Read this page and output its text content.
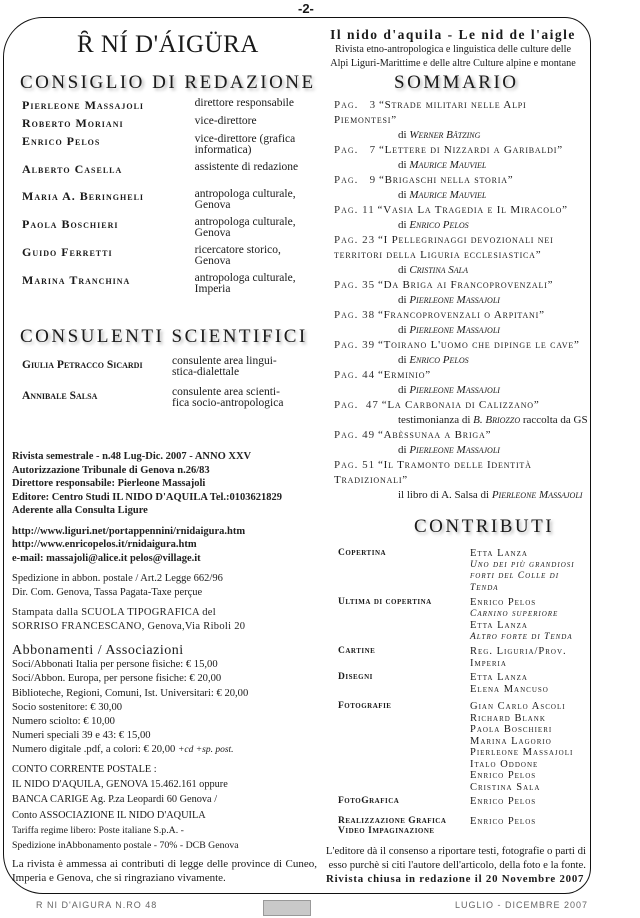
-2-
Ȓ NÍ D'ÁIGÜRA	Il nido d'aquila - Le nid de l'aigle
Rivista etno-antropologica e linguistica delle culture delle
Alpi Liguri-Marittime e delle altre Culture alpine e montane
CONSIGLIO DI REDAZIONE
Pierleone Massajoli	direttore responsabile
Roberto Moriani	vice-direttore
Enrico Pelos	vice-direttore (grafica informatica)
Alberto Casella	assistente di redazione
Maria A. Beringheli	antropologa culturale, Genova
Paola Boschieri	antropologa culturale, Genova
Guido Ferretti	ricercatore storico, Genova
Marina Tranchina	antropologa culturale, Imperia
CONSULENTI SCIENTIFICI
Giulia Petracco Sicardi	consulente area lingui-stica-dialettale
Annibale Salsa	consulente area scienti-fica socio-antropologica
Rivista semestrale - n.48 Lug-Dic. 2007 - ANNO XXV
Autorizzazione Tribunale di Genova n.26/83
Direttore responsabile: Pierleone Massajoli
Editore: Centro Studi IL NIDO D'AQUILA Tel.:0103621829
Aderente alla Consulta Ligure
http://www.liguri.net/portappennini/rnidaigura.htm
http://www.enricopelos.it/rnidaigura.htm
e-mail: massajoli@alice.it pelos@village.it
Spedizione in abbon. postale / Art.2 Legge 662/96
Dir. Com. Genova, Tassa Pagata-Taxe perçue
Stampata dalla SCUOLA TIPOGRAFICA del
SORRISO FRANCESCANO, Genova,Via Riboli 20
Abbonamenti / Associazioni
Soci/Abbonati Italia per persone fisiche: € 15,00
Soci/Abbon. Europa, per persone fisiche: € 20,00
Biblioteche, Regioni, Comuni, Ist. Universitari: € 20,00
Socio sostenitore: € 30,00
Numero sciolto: € 10,00
Numeri speciali 39 e 43: € 15,00
Numero digitale .pdf, a colori: € 20,00 +cd +sp. post.
CONTO CORRENTE POSTALE :
IL NIDO D'AQUILA, GENOVA 15.462.161 oppure
BANCA CARIGE Ag. P.za Leopardi 60 Genova /
Conto ASSOCIAZIONE IL NIDO D'AQUILA
Tariffa regime libero: Poste italiane S.p.A. -
Spedizione inAbbonamento postale - 70% - DCB Genova
La rivista è ammessa ai contributi di legge delle province di Cuneo, Imperia e Genova, che si ringraziano vivamente.
SOMMARIO
Pag.   3 “Strade militari nelle Alpi Piemontesi”
di Werner Bätzing
Pag.   7 “Lettere di Nizzardi a Garibaldi”
di Maurice Mauviel
Pag.   9 “Brigaschi nella storia”
di Maurice Mauviel
Pag. 11 “Vasia La Tragedia e Il Miracolo”
di Enrico Pelos
Pag. 23 “I Pellegrinaggi devozionali nei territori della Liguria ecclesiastica”
di Cristina Sala
Pag. 35 “Da Briga ai Francoprovenzali”
di Pierleone Massajoli
Pag. 38 “Francoprovenzali o Arpitani”
di Pierleone Massajoli
Pag. 39 “Toirano L'uomo che dipinge le cave”
di Enrico Pelos
Pag. 44 “Erminio”
di Pierleone Massajoli
Pag.  47 “La Carbonaia di Calizzano”
testimonianza di B. Briozzo raccolta da GS
Pag. 49 “Abèssunaa a Briga”
di Pierleone Massajoli
Pag. 51 “Il Tramonto delle Identità Tradizionali”
il libro di A. Salsa di Pierleone Massajoli
CONTRIBUTI
Copertina	Etta Lanza
Uno dei più grandiosi forti del Colle di Tenda
Ultima di copertina	Enrico Pelos
Carnino superiore
Etta Lanza
Altro forte di Tenda
Cartine	Reg. Liguria/Prov. Imperia
Disegni	Etta Lanza
Elena Mancuso
Fotografie	Gian Carlo Ascoli
Richard Blank
Paola Boschieri
Marina Lagorio
Pierleone Massajoli
Italo Oddone
Enrico Pelos
Cristina Sala
FotoGrafica	Enrico Pelos
Realizzazione Grafica Video Impaginazione
Enrico Pelos
L'editore dà il consenso a riportare testi, fotografie o parti di esso purchè si citi l'autore dell'articolo, della foto e la fonte.
Rivista chiusa in redazione il 20 Novembre 2007
R NI D'AIGURA N.RO 48	LUGLIO - DICEMBRE 2007
